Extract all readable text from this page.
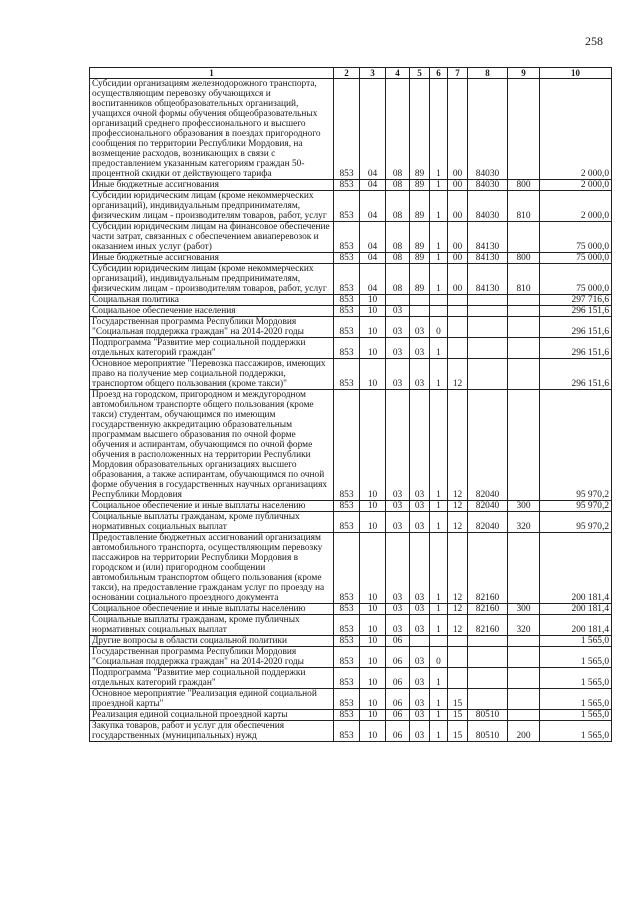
258
1	2	3	4	5	6	7	8	9	10
Субсидии организациям железнодорожного транспорта, осуществляющим перевозку обучающихся и воспитанников общеобразовательных организаций, учащихся очной формы обучения общеобразовательных организаций среднего профессионального и высшего профессионального образования в поездах пригородного сообщения по территории Республики Мордовия, на возмещение расходов, возникающих в связи с предоставлением указанным категориям граждан 50-процентной скидки от действующего тарифа	853	04	08	89	1	00	84030		2 000,0
Иные бюджетные ассигнования	853	04	08	89	1	00	84030	800	2 000,0
Субсидии юридическим лицам (кроме некоммерческих организаций), индивидуальным предпринимателям, физическим лицам - производителям товаров, работ, услуг	853	04	08	89	1	00	84030	810	2 000,0
Субсидии юридическим лицам на финансовое обеспечение части затрат, связанных с обеспечением авиаперевозок и оказанием иных услуг (работ)	853	04	08	89	1	00	84130		75 000,0
Иные бюджетные ассигнования	853	04	08	89	1	00	84130	800	75 000,0
Субсидии юридическим лицам (кроме некоммерческих организаций), индивидуальным предпринимателям, физическим лицам - производителям товаров, работ, услуг	853	04	08	89	1	00	84130	810	75 000,0
Социальная политика	853	10							297 716,6
Социальное обеспечение населения	853	10	03						296 151,6
Государственная программа Республики Мордовия "Социальная поддержка граждан" на 2014-2020 годы	853	10	03	03	0				296 151,6
Подпрограмма "Развитие мер социальной поддержки отдельных категорий граждан"	853	10	03	03	1				296 151,6
Основное мероприятие "Перевозка пассажиров, имеющих право на получение мер социальной поддержки, транспортом общего пользования (кроме такси)"	853	10	03	03	1	12			296 151,6
Проезд на городском, пригородном и междугородном автомобильном транспорте общего пользования (кроме такси) студентам, обучающимся по имеющим государственную аккредитацию образовательным программам высшего образования по очной форме обучения и аспирантам, обучающимся по очной форме обучения в расположенных на территории Республики Мордовия образовательных организациях высшего образования, а также аспирантам, обучающимся по очной форме обучения в государственных научных организациях Республики Мордовия	853	10	03	03	1	12	82040		95 970,2
Социальное обеспечение и иные выплаты населению	853	10	03	03	1	12	82040	300	95 970,2
Социальные выплаты гражданам, кроме публичных нормативных социальных выплат	853	10	03	03	1	12	82040	320	95 970,2
Предоставление бюджетных ассигнований организациям автомобильного транспорта, осуществляющим перевозку пассажиров на территории Республики Мордовия в городском и (или) пригородном сообщении автомобильным транспортом общего пользования (кроме такси), на предоставление гражданам услуг по проезду на основании социального проездного документа	853	10	03	03	1	12	82160		200 181,4
Социальное обеспечение и иные выплаты населению	853	10	03	03	1	12	82160	300	200 181,4
Социальные выплаты гражданам, кроме публичных нормативных социальных выплат	853	10	03	03	1	12	82160	320	200 181,4
Другие вопросы в области социальной политики	853	10	06						1 565,0
Государственная программа Республики Мордовия "Социальная поддержка граждан" на 2014-2020 годы	853	10	06	03	0				1 565,0
Подпрограмма "Развитие мер социальной поддержки отдельных категорий граждан"	853	10	06	03	1				1 565,0
Основное мероприятие "Реализация единой социальной проездной карты"	853	10	06	03	1	15			1 565,0
Реализация единой социальной проездной карты	853	10	06	03	1	15	80510		1 565,0
Закупка товаров, работ и услуг для обеспечения государственных (муниципальных) нужд	853	10	06	03	1	15	80510	200	1 565,0
